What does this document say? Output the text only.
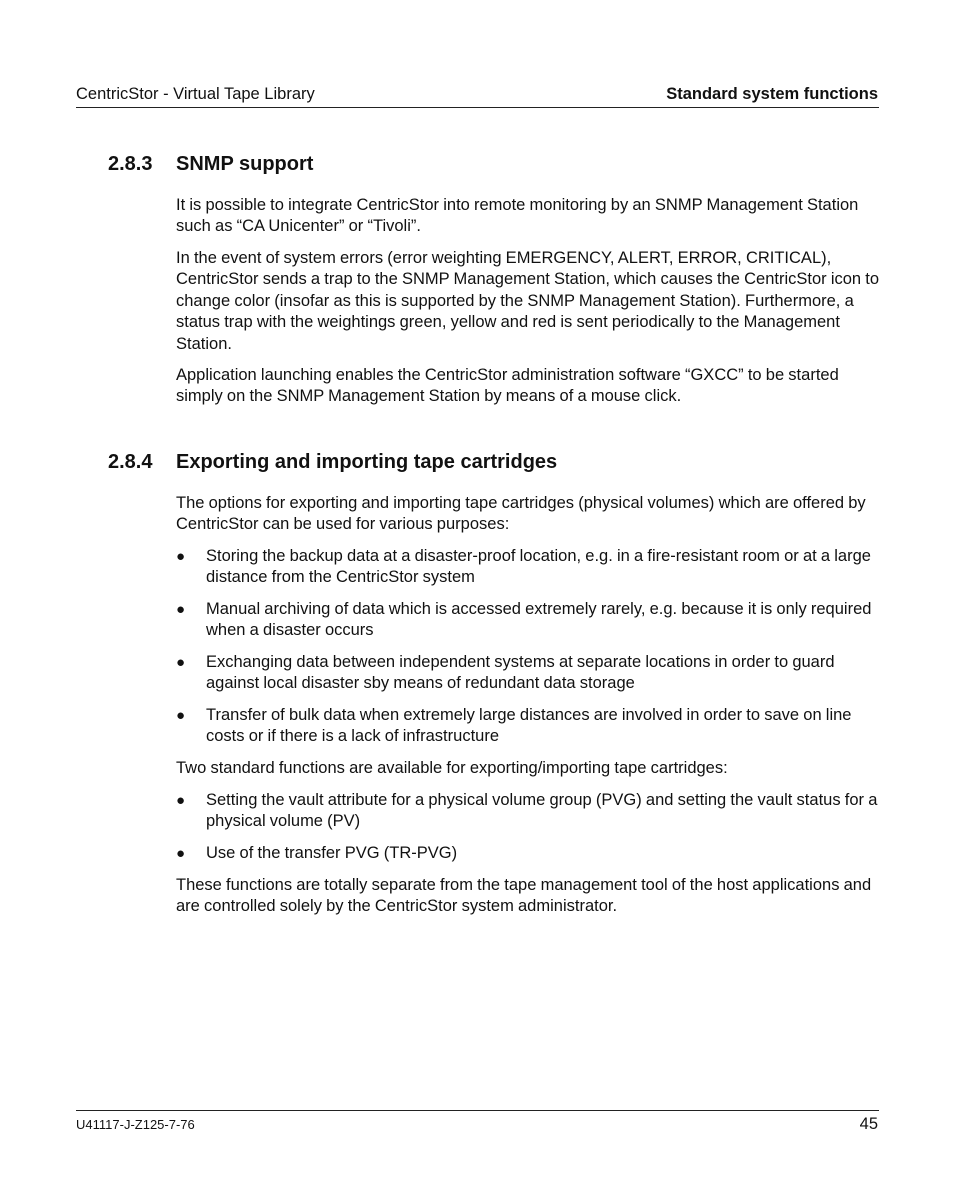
CentricStor - Virtual Tape Library	Standard system functions
2.8.3 SNMP support

It is possible to integrate CentricStor into remote monitoring by an SNMP Management Station such as “CA Unicenter” or “Tivoli”.

In the event of system errors (error weighting EMERGENCY, ALERT, ERROR, CRITICAL), CentricStor sends a trap to the SNMP Management Station, which causes the CentricStor icon to change color (insofar as this is supported by the SNMP Management Station). Furthermore, a status trap with the weightings green, yellow and red is sent periodically to the Management Station.

Application launching enables the CentricStor administration software “GXCC” to be started simply on the SNMP Management Station by means of a mouse click.

2.8.4 Exporting and importing tape cartridges

The options for exporting and importing tape cartridges (physical volumes) which are offered by CentricStor can be used for various purposes:

● Storing the backup data at a disaster-proof location, e.g. in a fire-resistant room or at a large distance from the CentricStor system
● Manual archiving of data which is accessed extremely rarely, e.g. because it is only required when a disaster occurs
● Exchanging data between independent systems at separate locations in order to guard against local disaster sby means of redundant data storage
● Transfer of bulk data when extremely large distances are involved in order to save on line costs or if there is a lack of infrastructure

Two standard functions are available for exporting/importing tape cartridges:

● Setting the vault attribute for a physical volume group (PVG) and setting the vault status for a physical volume (PV)
● Use of the transfer PVG (TR-PVG)

These functions are totally separate from the tape management tool of the host applications and are controlled solely by the CentricStor system administrator.

U41117-J-Z125-7-76	45
